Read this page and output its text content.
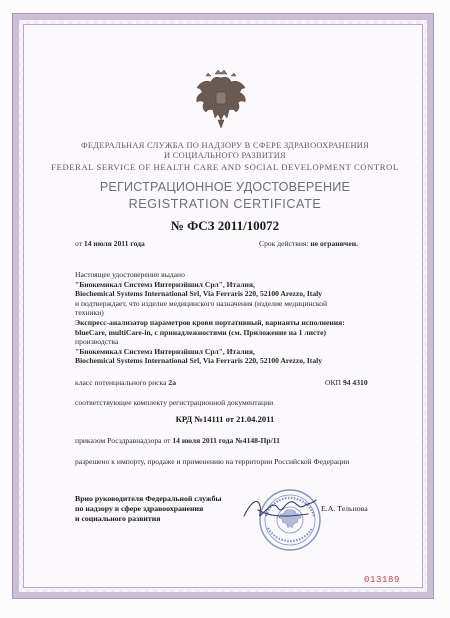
ФЕДЕРАЛЬНАЯ СЛУЖБА ПО НАДЗОРУ В СФЕРЕ ЗДРАВООХРАНЕНИЯ
И СОЦИАЛЬНОГО РАЗВИТИЯ
FEDERAL SERVICE OF HEALTH CARE AND SOCIAL DEVELOPMENT CONTROL
РЕГИСТРАЦИОННОЕ УДОСТОВЕРЕНИЕ
REGISTRATION CERTIFICATE
№ ФСЗ 2011/10072
от 14 июля 2011 года	Срок действия: не ограничен.
Настоящее удостоверение выдано
"Биокемикал Системз Интернэйшнл Срл", Италия,
Biochemical Systems International Srl, Via Ferraris 220, 52100 Arezzo, Italy
и подтверждает, что изделие медицинского назначения (изделие медицинской
техники)
Экспресс-анализатор параметров крови портативный, варианты исполнения:
blueCare, multiCare-in, с принадлежностями (см. Приложение на 1 листе)
производства
"Биокемикал Системз Интернэйшнл Срл", Италия,
Biochemical Systems International Srl, Via Ferraris 220, 52100 Arezzo, Italy
класс потенциального риска 2а	ОКП 94 4310
соответствующее комплекту регистрационной документации
КРД №14111 от 21.04.2011
приказом Росздравнадзора от 14 июля 2011 года №4148-Пр/11
разрешено к импорту, продаже и применению на территории Российской Федерации
Врио руководителя Федеральной службы
по надзору в сфере здравоохранения
и социального развития
Е.А. Тельнова
013189
